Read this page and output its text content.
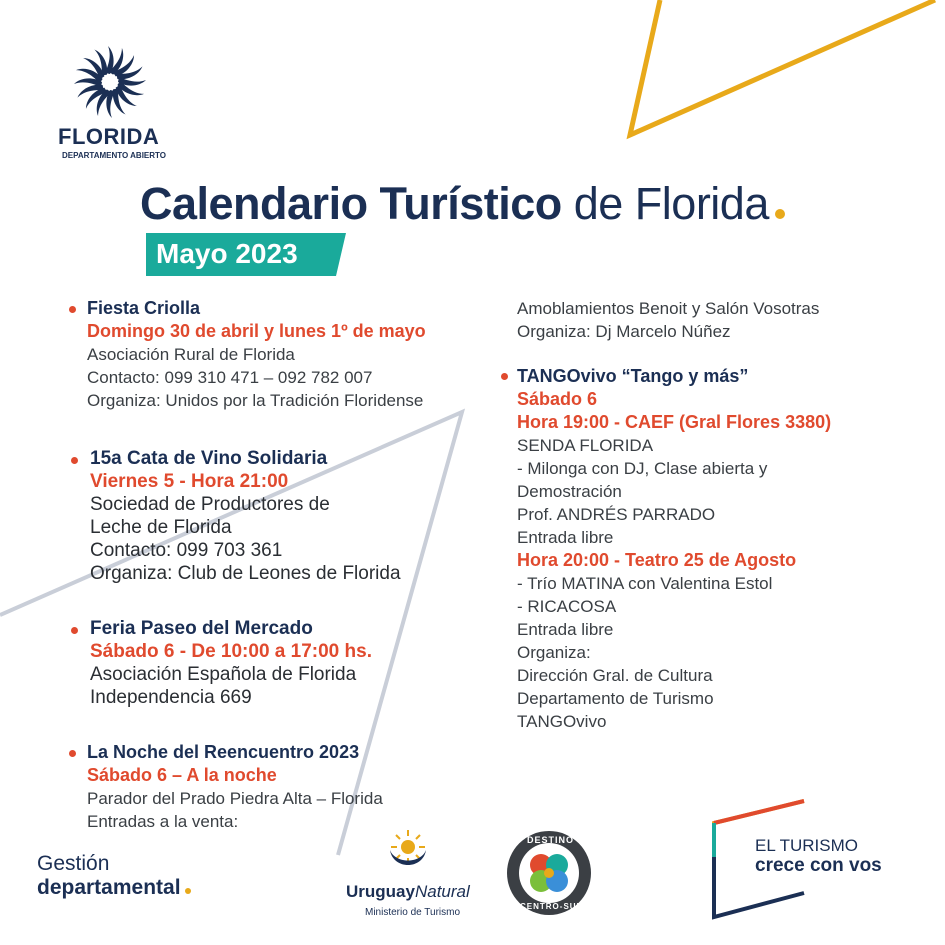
FLORIDA
DEPARTAMENTO ABIERTO
Calendario Turístico de Florida
Mayo 2023
Fiesta Criolla
Domingo 30 de abril y lunes 1º de mayo
Asociación Rural de Florida
Contacto: 099 310 471 – 092 782 007
Organiza: Unidos por la Tradición Floridense
15a Cata de Vino Solidaria
Viernes 5 - Hora 21:00
Sociedad de Productores de
Leche de Florida
Contacto: 099 703 361
Organiza: Club de Leones de Florida
Feria Paseo del Mercado
Sábado 6 - De 10:00 a 17:00 hs.
Asociación Española de Florida
Independencia 669
La Noche del Reencuentro 2023
Sábado 6 – A la noche
Parador del Prado Piedra Alta – Florida
Entradas a la venta:
Amoblamientos Benoit y Salón Vosotras
Organiza: Dj Marcelo Núñez
TANGOvivo “Tango y más”
Sábado 6
Hora 19:00 - CAEF (Gral Flores 3380)
SENDA FLORIDA
- Milonga con DJ, Clase abierta y
Demostración
Prof. ANDRÉS PARRADO
Entrada libre
Hora 20:00 - Teatro 25 de Agosto
- Trío MATINA con Valentina Estol
- RICACOSA
Entrada libre
Organiza:
Dirección Gral. de Cultura
Departamento de Turismo
TANGOvivo
Gestión
departamental	UruguayNatural
Ministerio de Turismo
DESTINO
CENTRO-SUR
EL TURISMO
crece con vos
